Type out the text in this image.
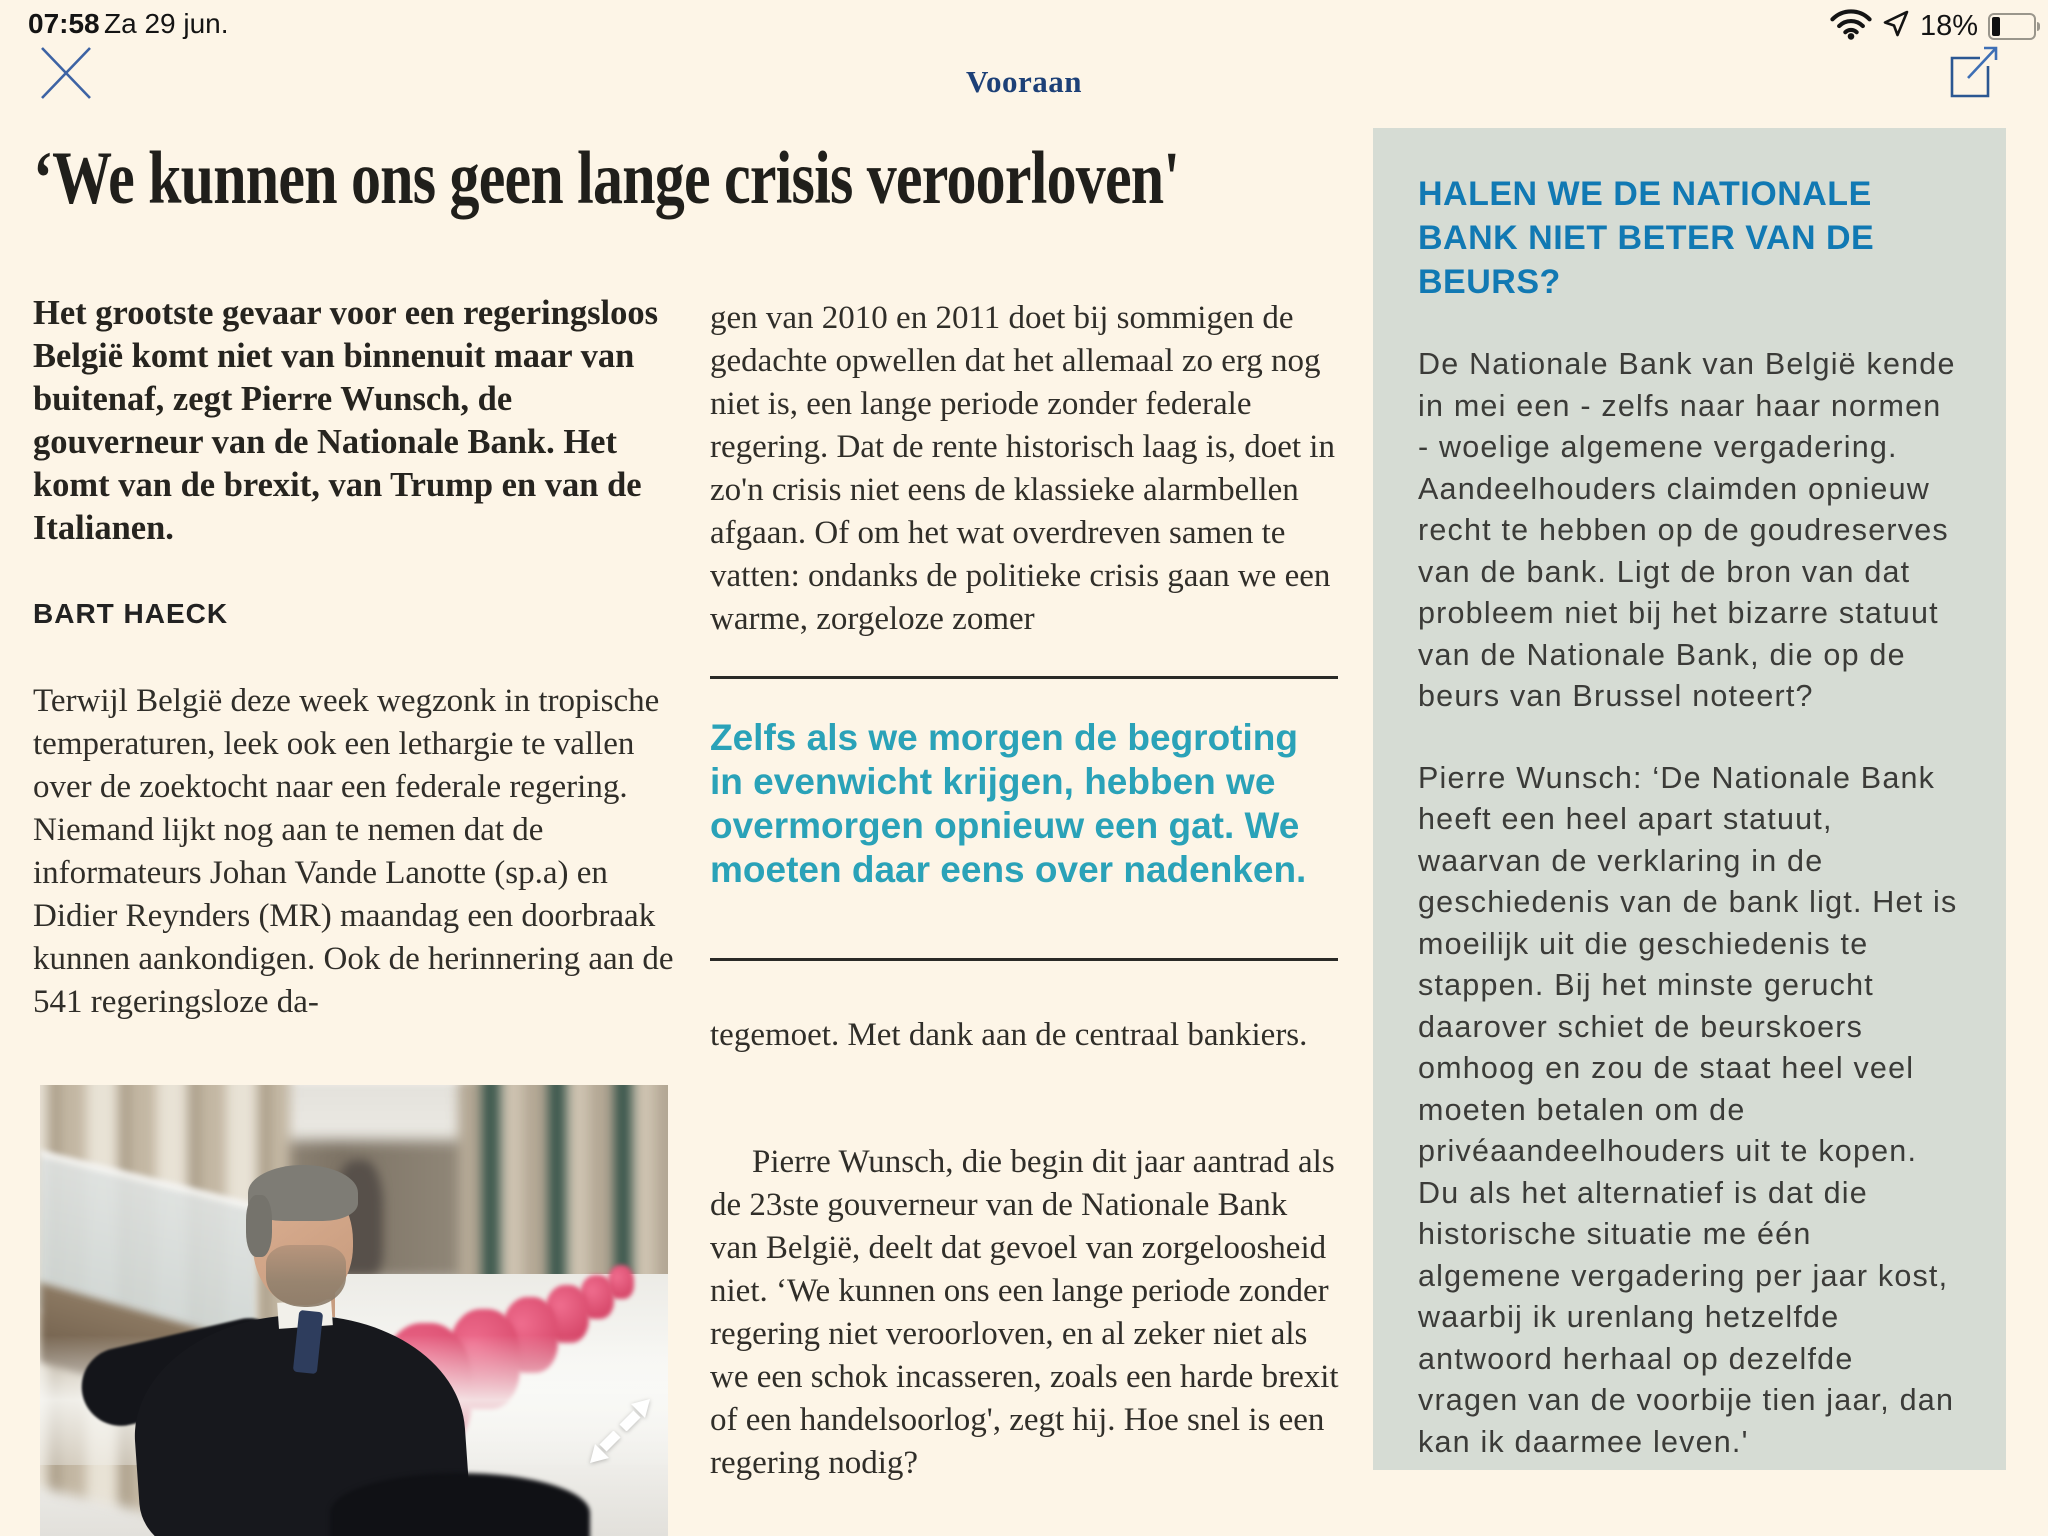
07:58 Za 29 jun.	18%
Vooraan
‘We kunnen ons geen lange crisis veroorloven'
Het grootste gevaar voor een regeringsloos België komt niet van binnenuit maar van buitenaf, zegt Pierre Wunsch, de gouverneur van de Nationale Bank. Het komt van de brexit, van Trump en van de Italianen.
BART HAECK
Terwijl België deze week wegzonk in tropische temperaturen, leek ook een lethargie te vallen over de zoektocht naar een federale regering. Niemand lijkt nog aan te nemen dat de informateurs Johan Vande Lanotte (sp.a) en Didier Reynders (MR) maandag een doorbraak kunnen aankondigen. Ook de herinnering aan de 541 regeringsloze da-
gen van 2010 en 2011 doet bij sommigen de gedachte opwellen dat het allemaal zo erg nog niet is, een lange periode zonder federale regering. Dat de rente historisch laag is, doet in zo'n crisis niet eens de klassieke alarmbellen afgaan. Of om het wat overdreven samen te vatten: ondanks de politieke crisis gaan we een warme, zorgeloze zomer
Zelfs als we morgen de begroting in evenwicht krijgen, hebben we overmorgen opnieuw een gat. We moeten daar eens over nadenken.
tegemoet. Met dank aan de centraal bankiers.
Pierre Wunsch, die begin dit jaar aantrad als de 23ste gouverneur van de Nationale Bank van België, deelt dat gevoel van zorgeloosheid niet. ‘We kunnen ons een lange periode zonder regering niet veroorloven, en al zeker niet als we een schok incasseren, zoals een harde brexit of een handelsoorlog', zegt hij. Hoe snel is een regering nodig?
HALEN WE DE NATIONALE BANK NIET BETER VAN DE BEURS?

De Nationale Bank van België kende in mei een - zelfs naar haar normen - woelige algemene vergadering. Aandeelhouders claimden opnieuw recht te hebben op de goudreserves van de bank. Ligt de bron van dat probleem niet bij het bizarre statuut van de Nationale Bank, die op de beurs van Brussel noteert?

Pierre Wunsch: ‘De Nationale Bank heeft een heel apart statuut, waarvan de verklaring in de geschiedenis van de bank ligt. Het is moeilijk uit die geschiedenis te stappen. Bij het minste gerucht daarover schiet de beurskoers omhoog en zou de staat heel veel moeten betalen om de privéaandeelhouders uit te kopen. Du als het alternatief is dat die historische situatie me één algemene vergadering per jaar kost, waarbij ik urenlang hetzelfde antwoord herhaal op dezelfde vragen van de voorbije tien jaar, dan kan ik daarmee leven.'
